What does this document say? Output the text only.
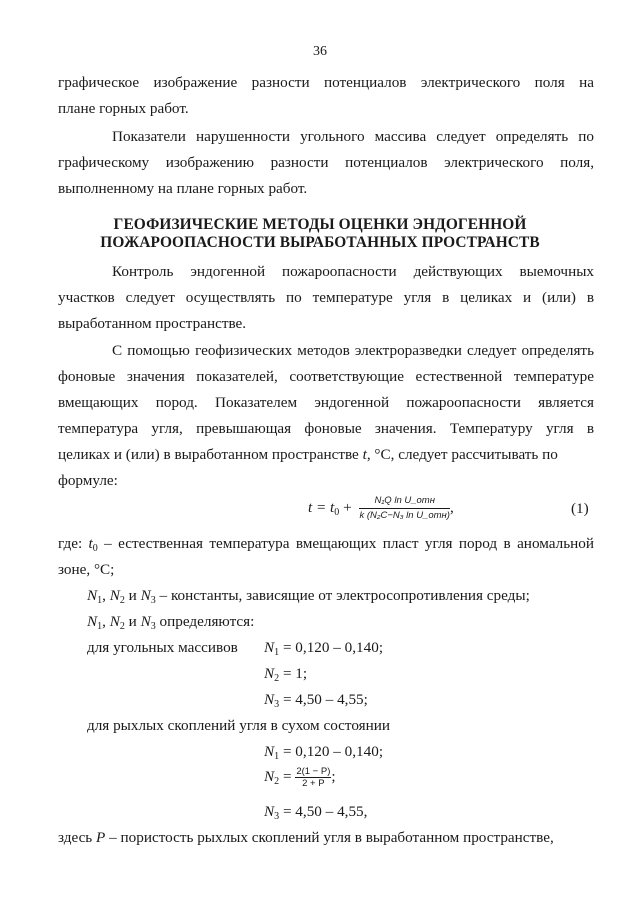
36
графическое изображение разности потенциалов электрического поля на
плане горных работ.
Показатели нарушенности угольного массива следует определять по
графическому изображению разности потенциалов электрического поля,
выполненному на плане горных работ.
ГЕОФИЗИЧЕСКИЕ МЕТОДЫ ОЦЕНКИ ЭНДОГЕННОЙ
ПОЖАРООПАСНОСТИ ВЫРАБОТАННЫХ ПРОСТРАНСТВ
Контроль эндогенной пожароопасности действующих выемочных
участков следует осуществлять по температуре угля в целиках и (или) в
выработанном пространстве.
С помощью геофизических методов электроразведки следует определять
фоновые значения показателей, соответствующие естественной температуре
вмещающих пород. Показателем эндогенной пожароопасности является
температура угля, превышающая фоновые значения. Температуру угля в
целиках и (или) в выработанном пространстве t, °С, следует рассчитывать по
формуле:
$t = t_0 + \frac{\text{N₁Q ln U\_отн}}{\text{k (N₂C−N₃ ln U\_отн)}}$ ,	(1)
где: $t_0$ – естественная температура вмещающих пласт угля пород в аномальной
зоне, °С;
$N_1$, $N_2$ и $N_3$ – константы, зависящие от электросопротивления среды;
$N_1$, $N_2$ и $N_3$ определяются:
для угольных массивов	$N_1 = 0,120 - 0,140$;
$N_2 = 1$;
$N_3 = 4,50 - 4,55$;
для рыхлых скоплений угля в сухом состоянии
$N_1 = 0,120 - 0,140$;
$N_2 = \frac{2(1 - P)}{2 + P}$ ;
$N_3 = 4,50 - 4,55$,
здесь P – пористость рыхлых скоплений угля в выработанном пространстве,
